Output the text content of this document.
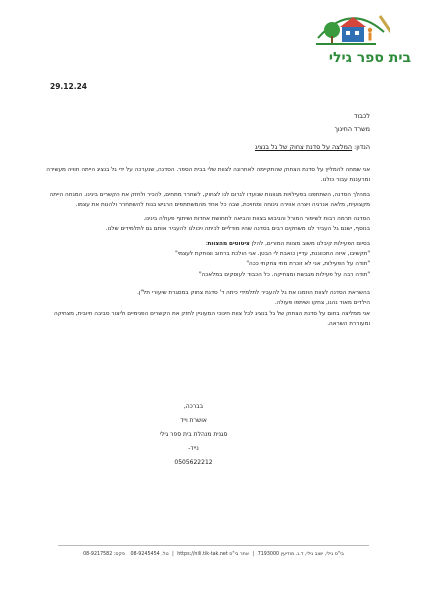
בית ספר גילי
29.12.24
לכבוד
משרד החינוך
הנדון: המלצה על סדנת צחוק של גל בנציג

אני שמחה להמליץ על סדנת הצחוק שהתקיימה לאחרונה לצוות שלי בבית הספר. הסדנה, שנערכה על ידי גל בנציג הייתה חוויה מעשירה ומרעננת עבור כולנו.

במהלך הסדנה, השתתפנו בפעילויות מגוונות שנועדו לגרום לנו לצחוק, לשחרר מתחים, להכיר ולחזק את הקשרים בינינו. המנחה הייתה מקצועית, מלאה אנרגיה ויצרה אווירה נינוחה ומחויכת, שבה כל אחד מהמשתתפים הרגיש בנוח להשתחרר ולהנות את עצמו.

הסדנה תרמה רבות לשיפור המורל והגיבוש בצוות והביאה לתחושת אחדות ושיתוף פעולה בינינו.

בנוסף, ישנם גל העביר לנו משחקים רבים בסדנה שהיו מודליים לכיתה ויכולנו להעביר אותם גם לתלמידים שלנו.

בסיום הפעילות קיבלנו משוב מצוות המורים, להלן ציטוטים מהצוות:

"תקשיבו, איזה התכווננת, עדיין כואבת לי הבטן. אני הולכת ברחוב וצוחקת לעצמי"

"תודה על הפעילות, אני לא זוכרת מתי צחקתי ככה"

"תודה רבה על פעילות מגבשת ומצחיקה. כל הכבוד לעוסקים במלאכה"

בהשראת הסדנה לצוות הוזמנו את גל להעביר לתלמידי כיתה ד' סדנת צחוק במסגרת שיעורי תל"ן.

הילדים מאוד נהנו, צחקו ושיתפו פעולה.

אני ממליצה בחום על סדנת הצחוק של גל בנציג לכל צוות חינוכי המעוניין לחזק את הקשרים הפנימיים וליצור סביבה חיובית, מצחיקה ומעוררת השראה.

בברכה,
אושרת וייד
סגנית מנהלת בית ספר גילי
נייד-
0505622212
בי"ס גילי, ישוב גילי, ד.נ. מודיעין 7193000 | אתר בי"ס https://nili.tik-tak.net | טל. 08-9245454 פקס: 08-9217582
